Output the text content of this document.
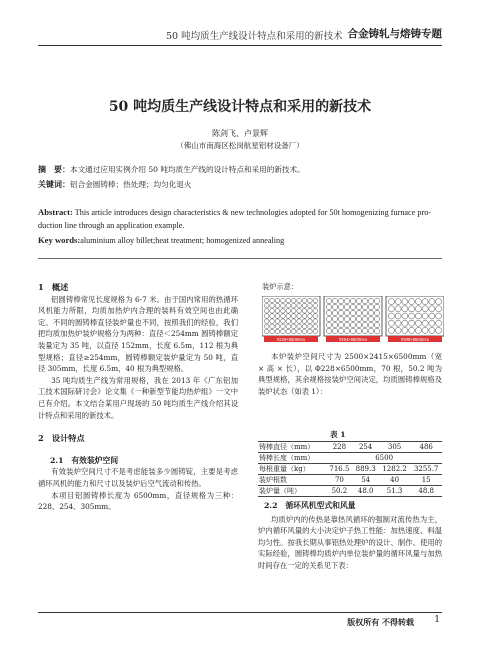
50 吨均质生产线设计特点和采用的新技术 合金铸轧与熔铸专题
50 吨均质生产线设计特点和采用的新技术
陈剑飞、卢景辉
（佛山市南海区松岗航星铝材设备厂）
摘　要：本文通过应用实例介绍 50 吨均质生产线的设计特点和采用的新技术。
关键词：铝合金圆铸棒；热处理；均匀化退火
Abstract: This article introduces design characteristics & new technologies adopted for 50t homogenizing furnace pro-
duction line through an application example.
Key words:aluminium alloy billet;heat treatment; homogenized annealing

1　概述

铝圆铸棒常见长度规格为 6-7 米。由于国内常用的热循环风机能力所限，均质加热炉内合理的装料有效空间也由此确定。不同的圆铸棒直径装炉量也不同，按照我们的经验，我们把均质加热炉装炉规格分为两种：直径＜254mm 圆铸棒额定装量定为 35 吨，以直径 152mm，长度 6.5m，112 根为典型规格；直径≥254mm，圆铸棒额定装炉量定为 50 吨，直径 305mm，长度 6.5m，40 根为典型规格。

35 吨均质生产线为常用规格，我在 2013 年《广东铝加工技术国际研讨会》论文集《一种新型节能均热炉组》一文中已有介绍。本文结合某用户现场的 50 吨均质生产线介绍其设计特点和采用的新技术。

2　设计特点

2.1　有效装炉空间

有效装炉空间尺寸不是考虑能装多少圆铸锭，主要是考虑循环风机的能力和尺寸以及装炉后空气流动和传热。

本项目铝圆铸棒长度为 6500mm，直径规格为三种：228、254、305mm。

装炉示意：
#228×6500mm	#254×6500mm	#305×6500mm

本炉装炉空间尺寸为 2500×2415×6500mm（宽 × 高 × 长），以 Φ228×6500mm，70 根，50.2 吨为典型规格，其余规格按装炉空间决定，均质圆铸棒规格及装炉状态（如表 1）：

表 1
铸棒直径（mm）	228	254	305	486
铸棒长度（mm）	6500			
每根重量（kg）	716.5	889.3	1282.2	3255.7
装炉根数	70	54	40	15
装炉量（吨）	50.2	48.0	51.3	48.8

2.2　循环风机型式和风量

均质炉内的传热是靠热风循环的强制对流传热为主，炉内循环风量的大小决定炉子热工性能：加热速度、料温均匀性。按我长期从事铝热处理炉的设计、制作、使用的实际经验，圆铸棒均质炉内单位装炉量的循环风量与加热时间存在一定的关系见下表：

版权所有 不得转载 1
